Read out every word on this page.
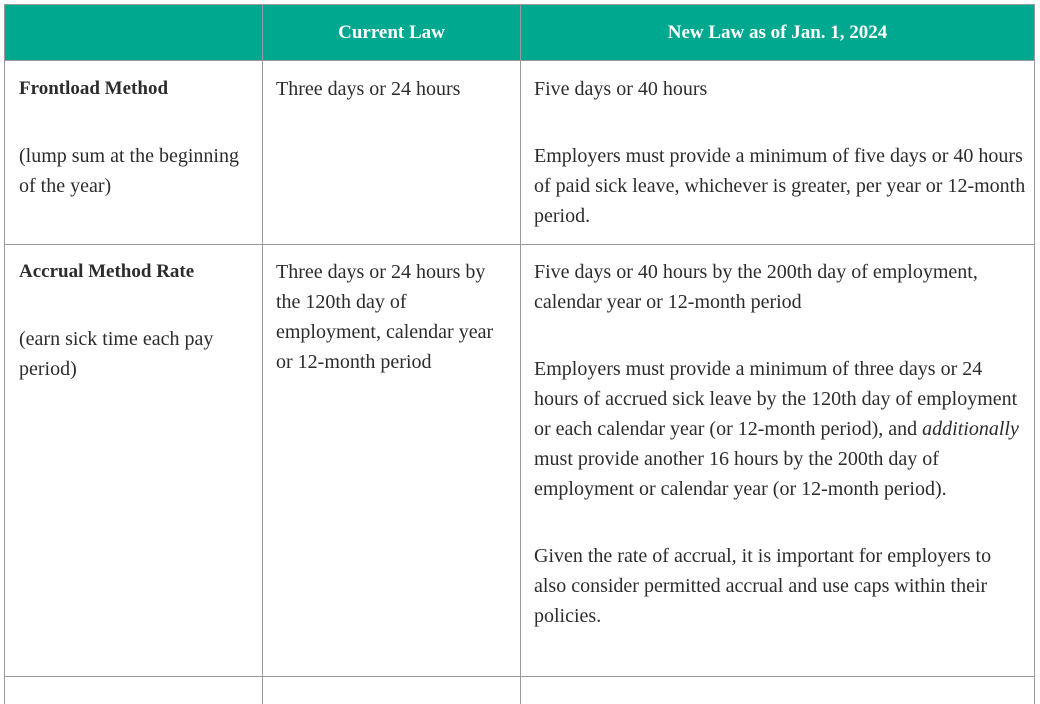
Current Law	New Law as of Jan. 1, 2024

Frontload Method

(lump sum at the beginning of the year)

Three days or 24 hours	Five days or 40 hours

Employers must provide a minimum of five days or 40 hours of paid sick leave, whichever is greater, per year or 12-month period.

Accrual Method Rate

(earn sick time each pay period)

Three days or 24 hours by the 120th day of employment, calendar year or 12-month period

Five days or 40 hours by the 200th day of employment, calendar year or 12-month period

Employers must provide a minimum of three days or 24 hours of accrued sick leave by the 120th day of employment or each calendar year (or 12-month period), and additionally must provide another 16 hours by the 200th day of employment or calendar year (or 12-month period).

Given the rate of accrual, it is important for employers to also consider permitted accrual and use caps within their policies.
